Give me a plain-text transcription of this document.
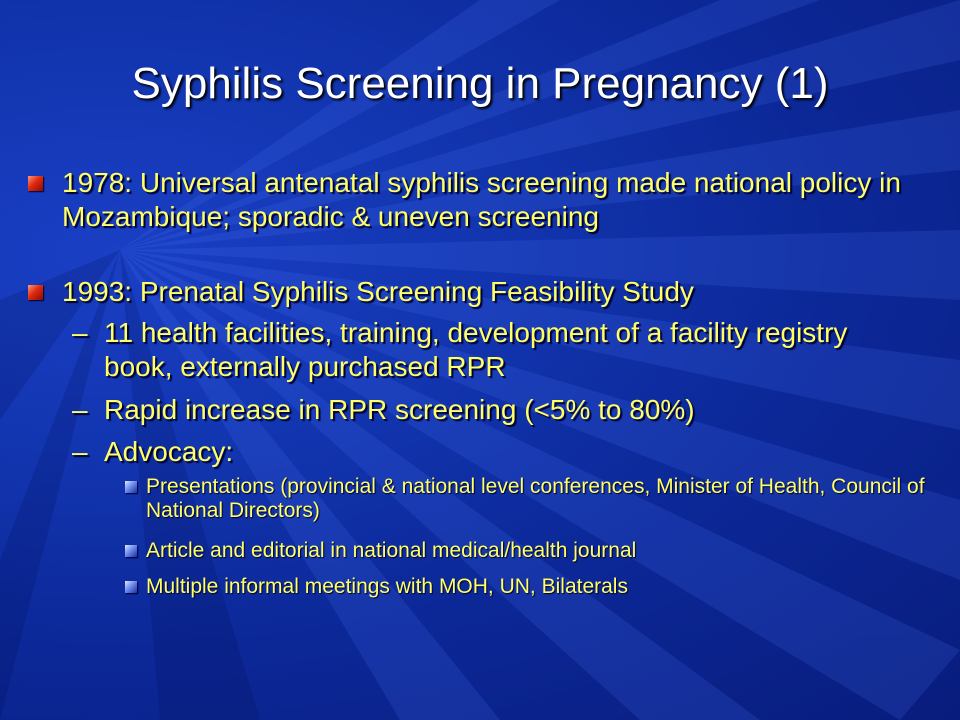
Syphilis Screening in Pregnancy (1)
1978: Universal antenatal syphilis screening made national policy in Mozambique; sporadic & uneven screening
1993: Prenatal Syphilis Screening Feasibility Study
– 11 health facilities, training, development of a facility registry book, externally purchased RPR
– Rapid increase in RPR screening (<5% to 80%)
– Advocacy:
Presentations (provincial & national level conferences, Minister of Health, Council of National Directors)
Article and editorial in national medical/health journal
Multiple informal meetings with MOH, UN, Bilaterals
